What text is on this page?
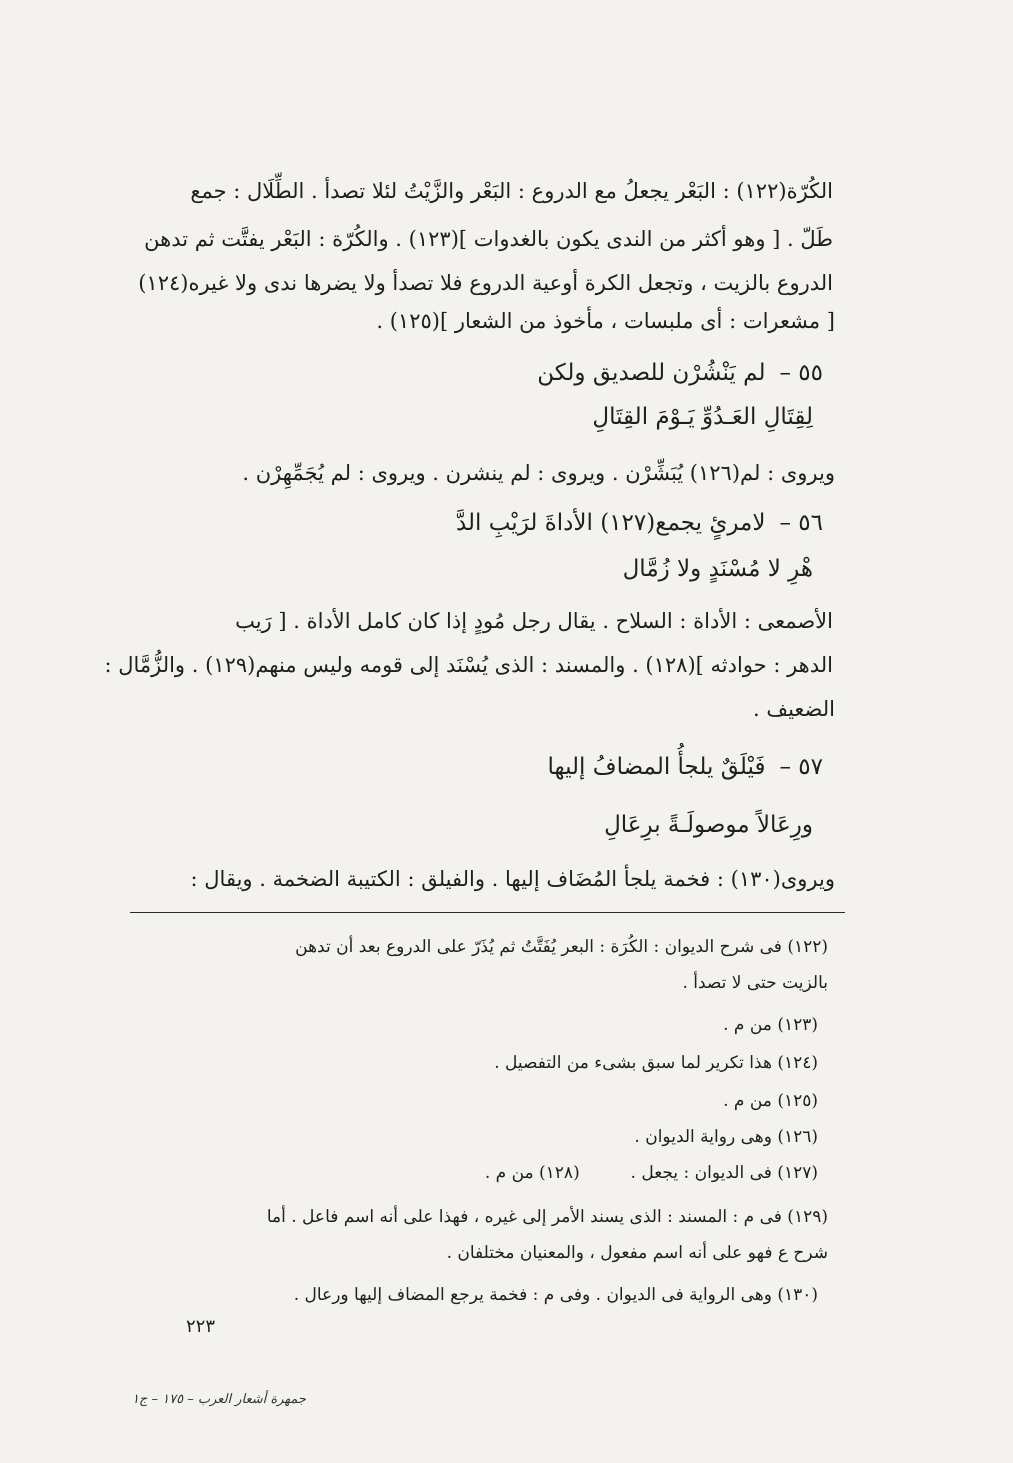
الكُرّة(١٢٢) : البَعْر يجعلُ مع الدروع : البَعْر والزَّيْتُ لئلا تصدأ . الطِّلَال : جمع
طَلّ . [ وهو أكثر من الندى يكون بالغدوات ](١٢٣) . والكُرّة : البَعْر يفتَّت ثم تدهن
الدروع بالزيت ، وتجعل الكرة أوعية الدروع فلا تصدأ ولا يضرها ندى ولا غيره(١٢٤)
[ مشعرات : أى ملبسات ، مأخوذ من الشعار ](١٢٥) .
٥٥ –لم يَنْشُرْن للصديق ولكن
لِقِتَالِ العَـدُوِّ يَـوْمَ القِتَالِ
ويروى : لم(١٢٦) يُبَشِّرْن . ويروى : لم ينشرن . ويروى : لم يُجَمِّهِرْن .
٥٦ –لامرئٍ يجمع(١٢٧) الأداةَ لرَيْبِ الدَّ
هْرِ لا مُسْنَدٍ ولا زُمَّال
الأصمعى : الأداة : السلاح . يقال رجل مُودٍ إذا كان كامل الأداة . [ رَيب
الدهر : حوادثه ](١٢٨) . والمسند : الذى يُسْنَد إلى قومه وليس منهم(١٢٩) . والزُّمَّال :
الضعيف .
٥٧ –فَيْلَقٌ يلجأُ المضافُ إليها
ورِعَالاً موصولَـةً برِعَالِ
ويروى(١٣٠) : فخمة يلجأ المُضَاف إليها . والفيلق : الكتيبة الضخمة . ويقال :
(١٢٢) فى شرح الديوان : الكُرَة : البعر يُفَتَّتُ ثم يُذَرّ على الدروع بعد أن تدهن
بالزيت حتى لا تصدأ .
(١٢٣) من م .
(١٢٤) هذا تكرير لما سبق بشىء من التفصيل .
(١٢٥) من م .
(١٢٦) وهى رواية الديوان .
(١٢٧) فى الديوان : يجعل .  (١٢٨) من م .
(١٢٩) فى م : المسند : الذى يسند الأمر إلى غيره ، فهذا على أنه اسم فاعل . أما
شرح ع فهو على أنه اسم مفعول ، والمعنيان مختلفان .
(١٣٠) وهى الرواية فى الديوان . وفى م : فخمة يرجع المضاف إليها ورعال .
٢٢٣
جمهرة أشعار العرب – ١٧٥ – ج١
